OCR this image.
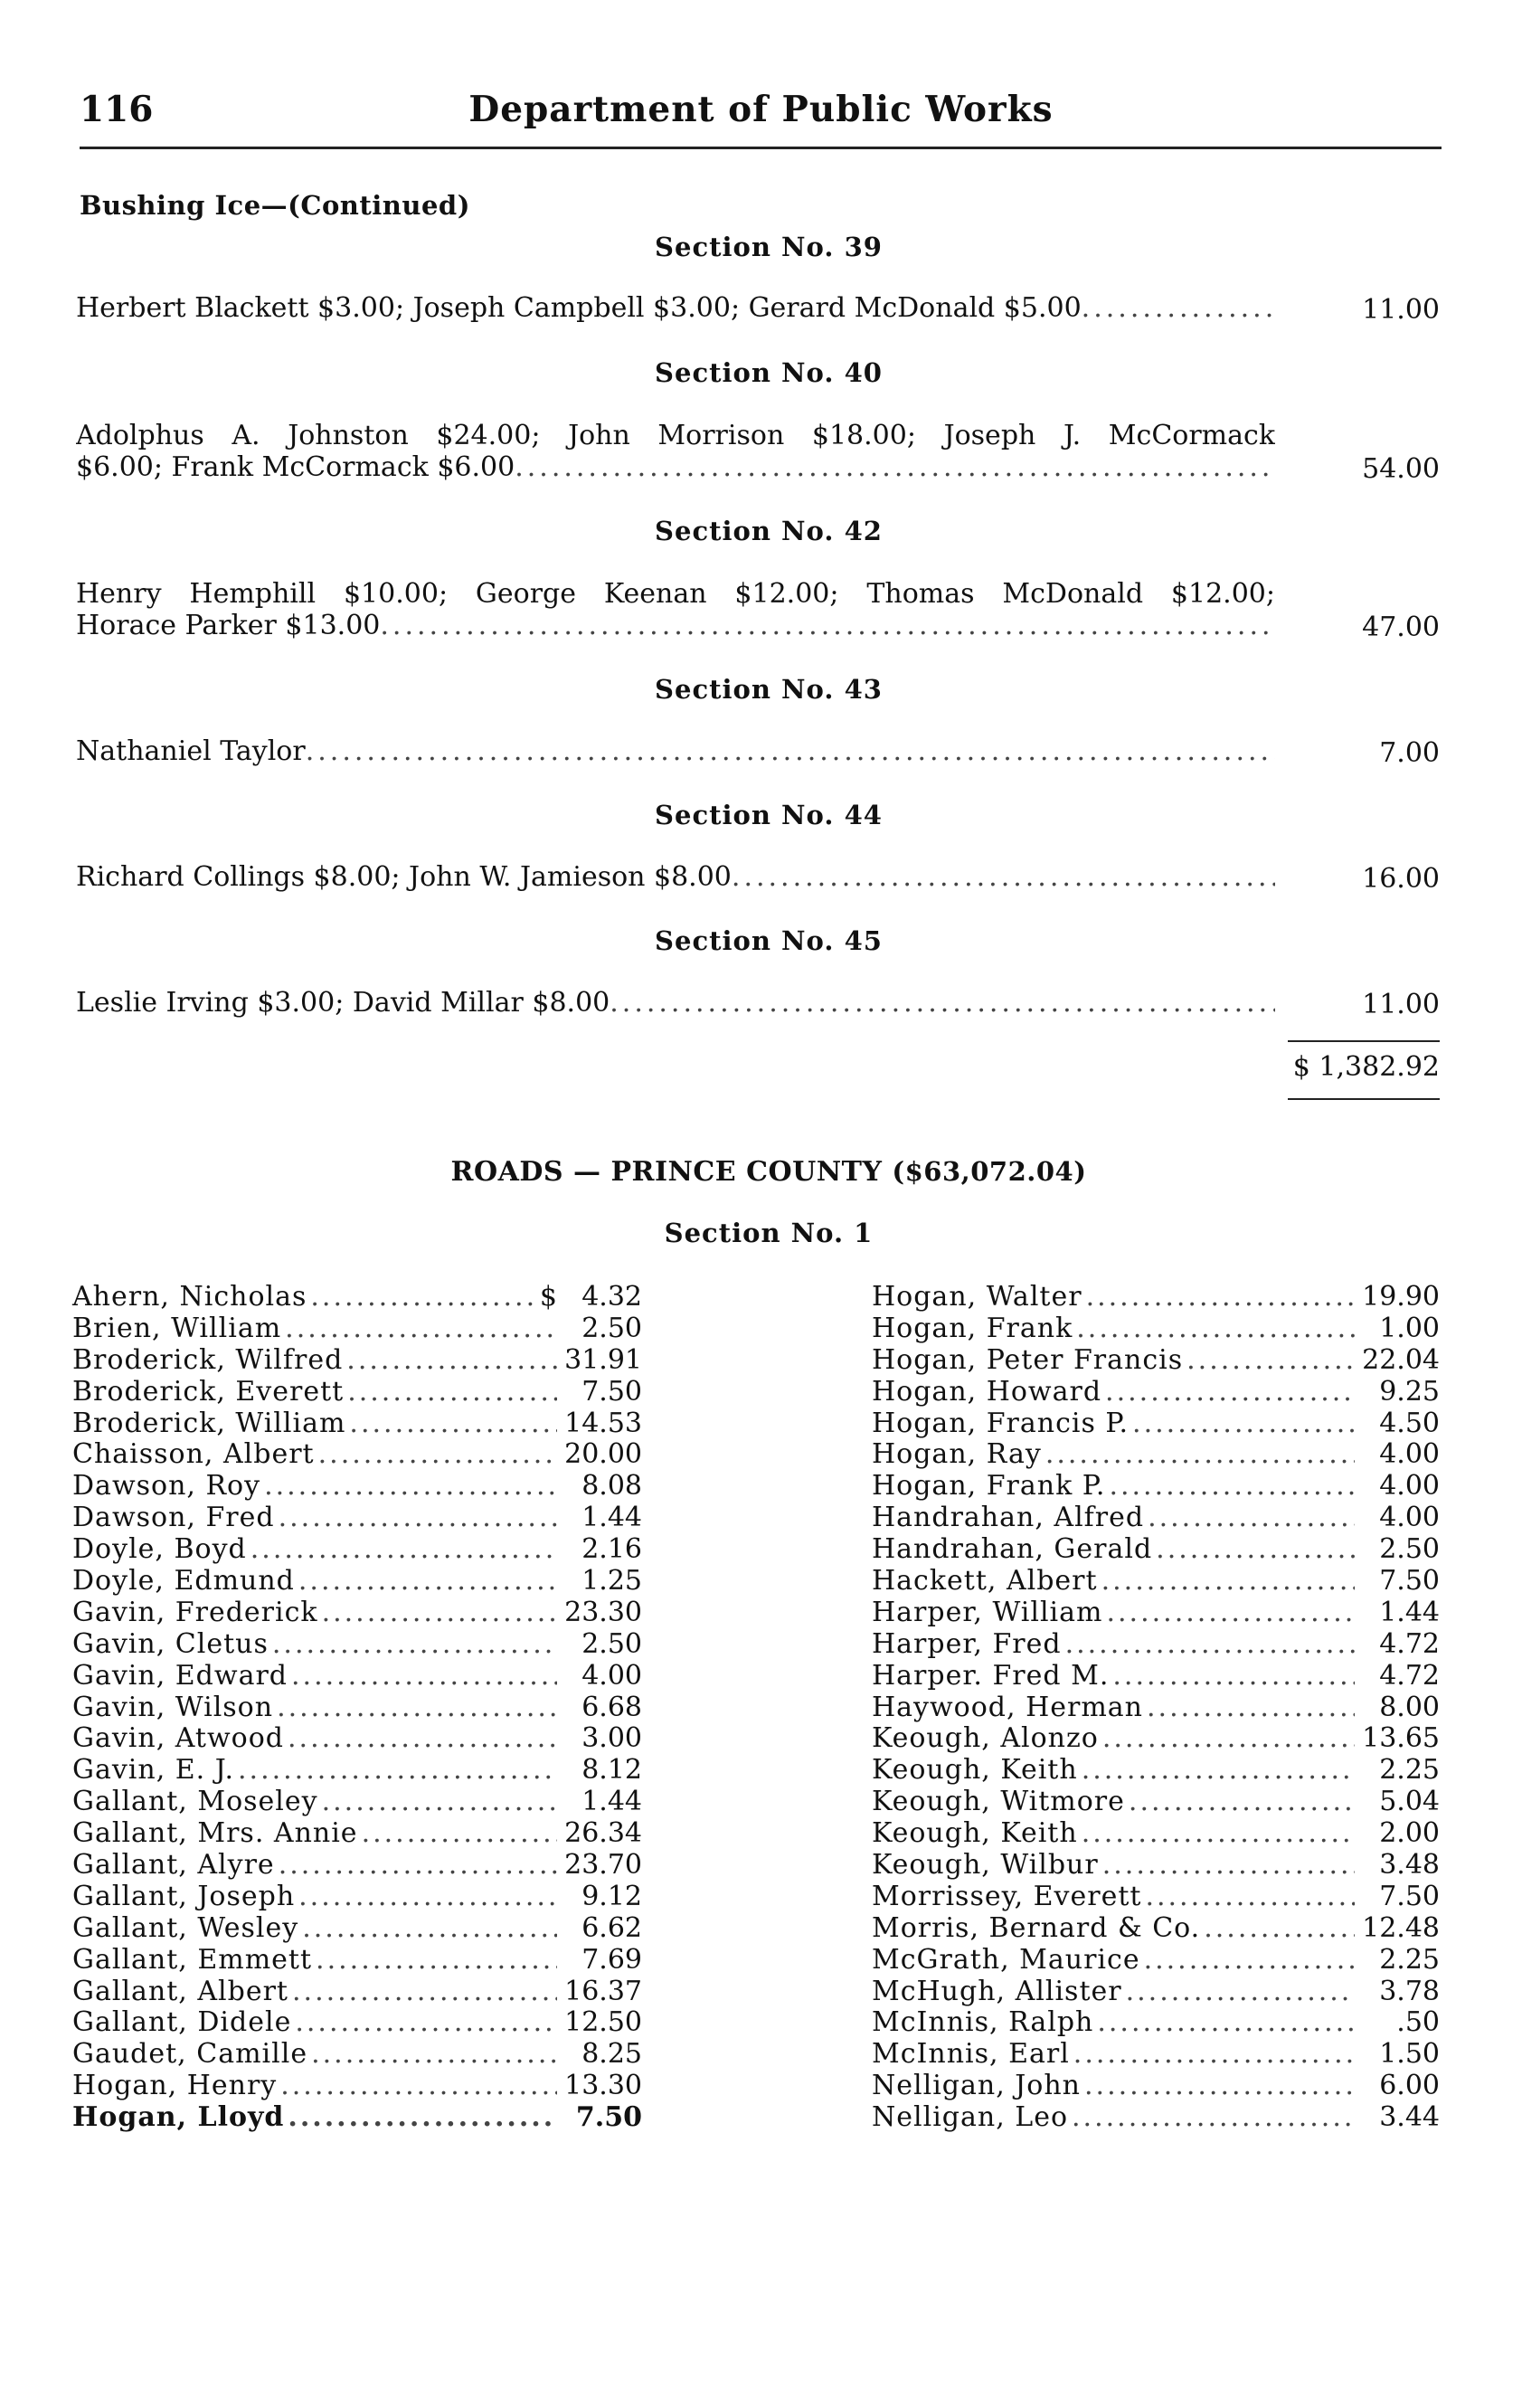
116	Department of Public Works
Bushing Ice—(Continued)
Section No. 39
Herbert Blackett $3.00; Joseph Campbell $3.00; Gerard McDonald $5.00 .....	11.00
Section No. 40
Adolphus A. Johnston $24.00; John Morrison $18.00; Joseph J. McCormack
$6.00; Frank McCormack $6.00 .....	54.00
Section No. 42
Henry Hemphill $10.00; George Keenan $12.00; Thomas McDonald $12.00;
Horace Parker $13.00 .....	47.00
Section No. 43
Nathaniel Taylor .....	7.00
Section No. 44
Richard Collings $8.00; John W. Jamieson $8.00 .....	16.00
Section No. 45
Leslie Irving $3.00; David Millar $8.00 .....	11.00
$ 1,382.92
ROADS — PRINCE COUNTY ($63,072.04)
Section No. 1
Ahern, Nicholas .....	$ 4.32
Brien, William .....	2.50
Broderick, Wilfred .....	31.91
Broderick, Everett .....	7.50
Broderick, William .....	14.53
Chaisson, Albert .....	20.00
Dawson, Roy .....	8.08
Dawson, Fred .....	1.44
Doyle, Boyd .....	2.16
Doyle, Edmund .....	1.25
Gavin, Frederick .....	23.30
Gavin, Cletus .....	2.50
Gavin, Edward .....	4.00
Gavin, Wilson .....	6.68
Gavin, Atwood .....	3.00
Gavin, E. J. .....	8.12
Gallant, Moseley .....	1.44
Gallant, Mrs. Annie .....	26.34
Gallant, Alyre .....	23.70
Gallant, Joseph .....	9.12
Gallant, Wesley .....	6.62
Gallant, Emmett .....	7.69
Gallant, Albert .....	16.37
Gallant, Didele .....	12.50
Gaudet, Camille .....	8.25
Hogan, Henry .....	13.30
Hogan, Lloyd .....	7.50
Hogan, Walter .....	19.90
Hogan, Frank .....	1.00
Hogan, Peter Francis .....	22.04
Hogan, Howard .....	9.25
Hogan, Francis P. .....	4.50
Hogan, Ray .....	4.00
Hogan, Frank P. .....	4.00
Handrahan, Alfred .....	4.00
Handrahan, Gerald .....	2.50
Hackett, Albert .....	7.50
Harper, William .....	1.44
Harper, Fred .....	4.72
Harper. Fred M. .....	4.72
Haywood, Herman .....	8.00
Keough, Alonzo .....	13.65
Keough, Keith .....	2.25
Keough, Witmore .....	5.04
Keough, Keith .....	2.00
Keough, Wilbur .....	3.48
Morrissey, Everett .....	7.50
Morris, Bernard & Co. .....	12.48
McGrath, Maurice .....	2.25
McHugh, Allister .....	3.78
McInnis, Ralph .....	.50
McInnis, Earl .....	1.50
Nelligan, John .....	6.00
Nelligan, Leo .....	3.44
